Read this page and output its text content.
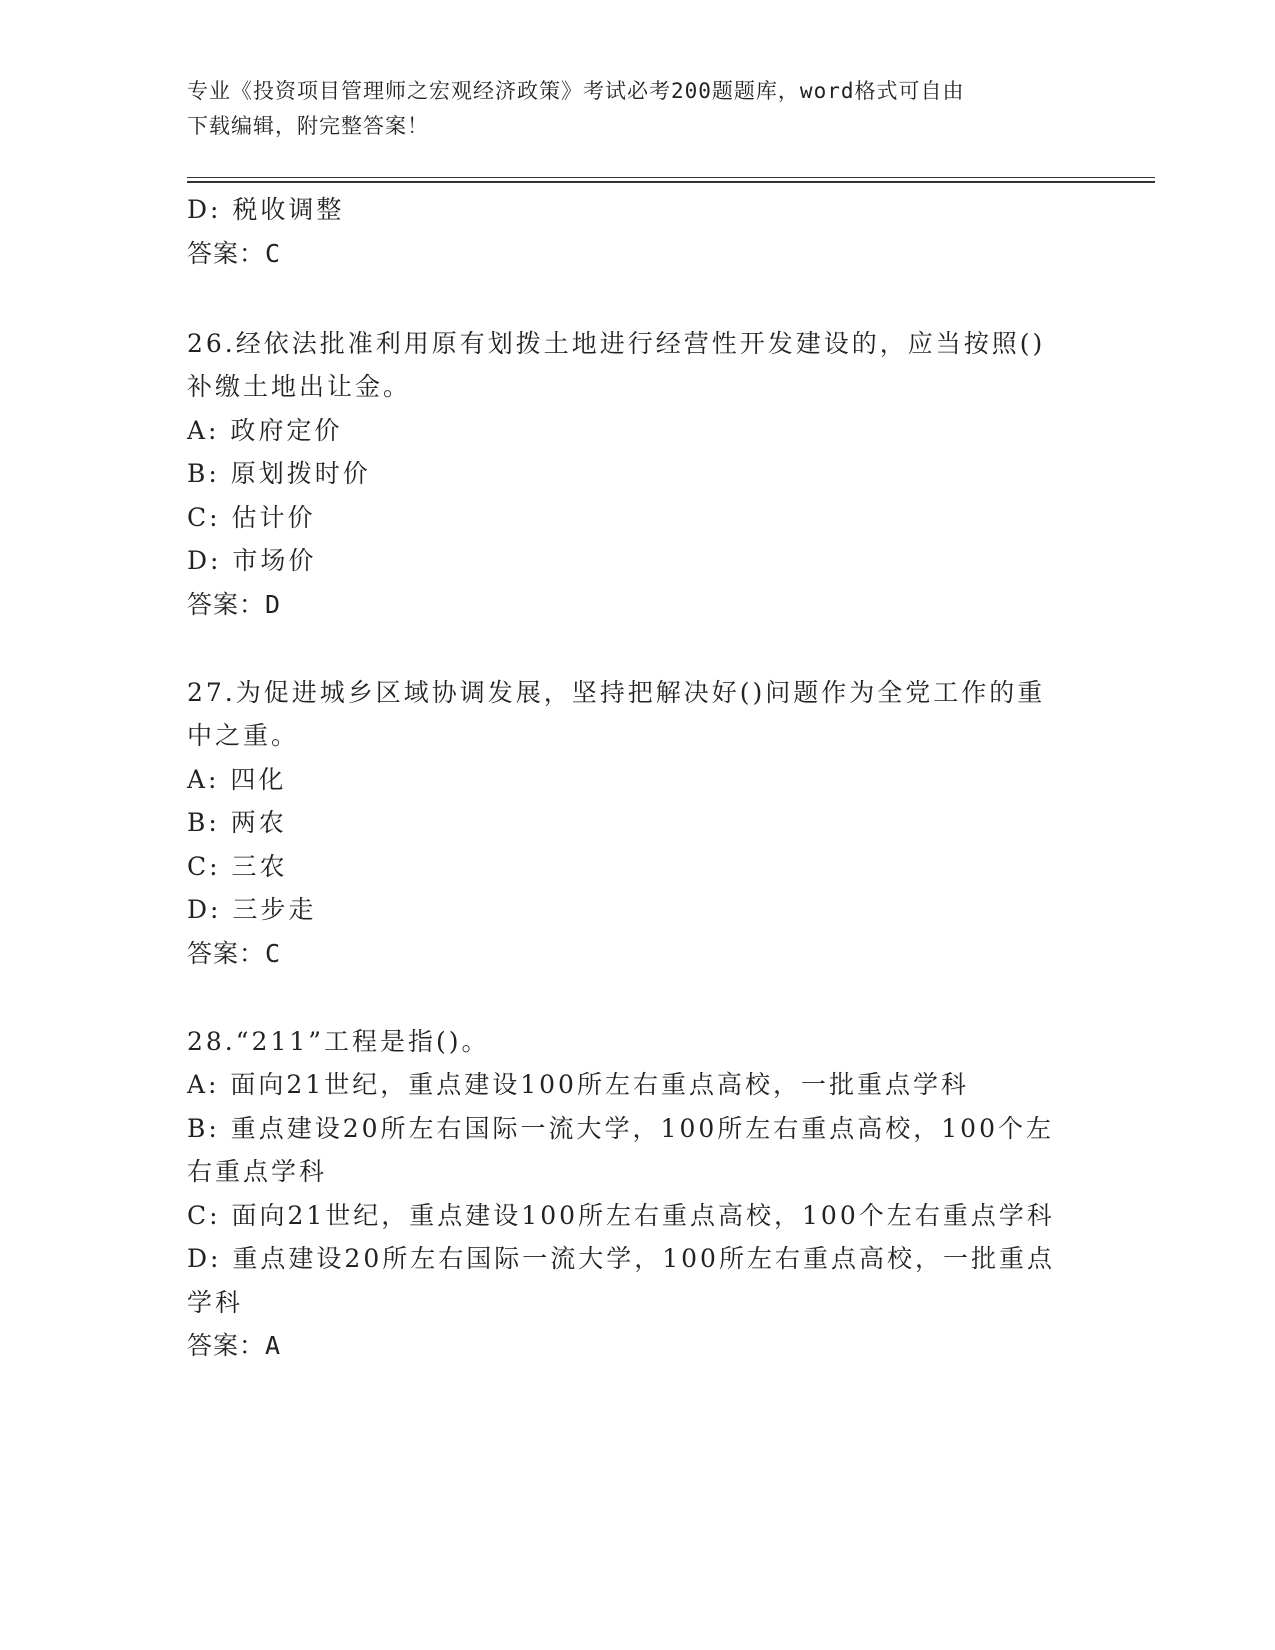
专业《投资项目管理师之宏观经济政策》考试必考200题题库，word格式可自由
下载编辑，附完整答案！
D: 税收调整
答案：C
26.经依法批准利用原有划拨土地进行经营性开发建设的，应当按照()
补缴土地出让金。
A: 政府定价
B: 原划拨时价
C: 估计价
D: 市场价
答案：D
27.为促进城乡区域协调发展，坚持把解决好()问题作为全党工作的重
中之重。
A: 四化
B: 两农
C: 三农
D: 三步走
答案：C
28.“211”工程是指()。
A: 面向21世纪，重点建设100所左右重点高校，一批重点学科
B: 重点建设20所左右国际一流大学，100所左右重点高校，100个左
右重点学科
C: 面向21世纪，重点建设100所左右重点高校，100个左右重点学科
D: 重点建设20所左右国际一流大学，100所左右重点高校，一批重点
学科
答案：A
